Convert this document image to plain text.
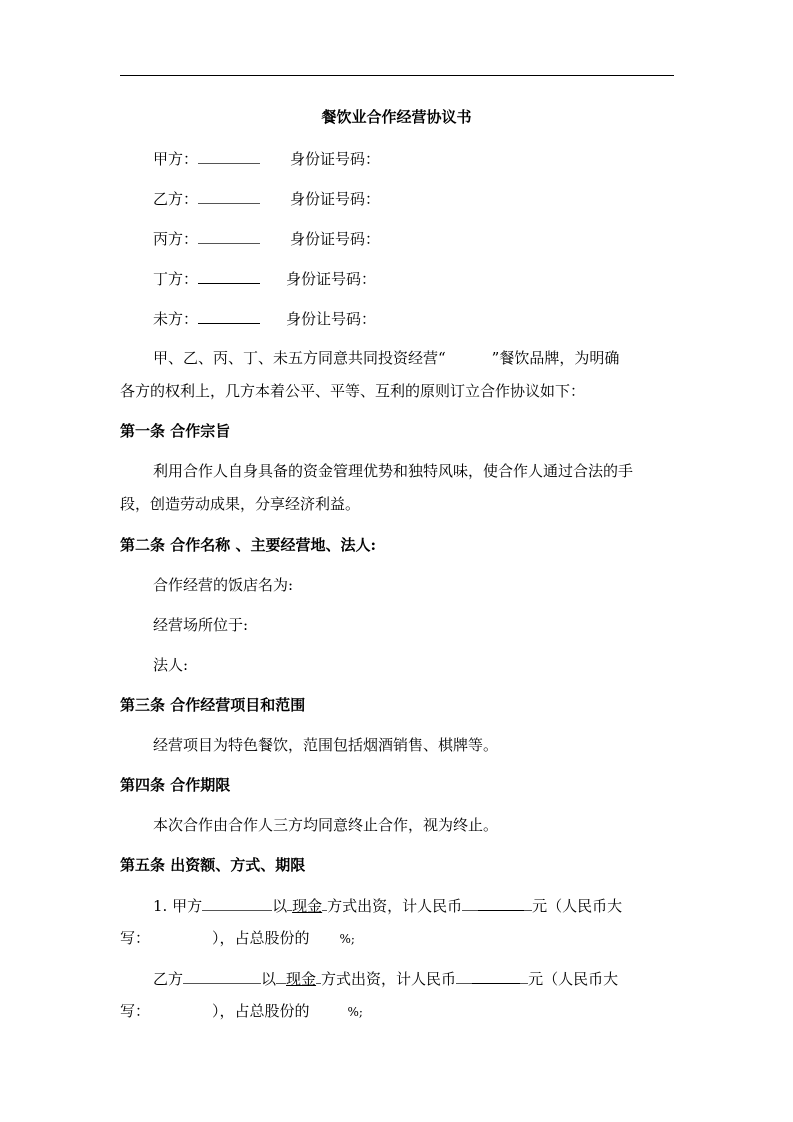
餐饮业合作经营协议书
甲方：	身份证号码：
乙方：	身份证号码：
丙方：	身份证号码：
丁方：	身份证号码：
未方：	身份让号码：
甲、乙、丙、丁、未五方同意共同投资经营“	”餐饮品牌，为明确
各方的权利上，几方本着公平、平等、互利的原则订立合作协议如下：
第一条 合作宗旨
利用合作人自身具备的资金管理优势和独特风味，使合作人通过合法的手
段，创造劳动成果，分享经济利益。
第二条 合作名称 、主要经营地、法人:
合作经营的饭店名为:
经营场所位于:
法人:
第三条 合作经营项目和范围
经营项目为特色餐饮，范围包括烟酒销售、棋牌等。
第四条 合作期限
本次合作由合作人三方均同意终止合作，视为终止。
第五条 出资额、方式、期限
1. 甲方	以 现金 方式出资，计人民币	元（人民币大
写：	），占总股份的	%;
乙方	以 现金 方式出资，计人民币	元（人民币大
写：	），占总股份的	%;
